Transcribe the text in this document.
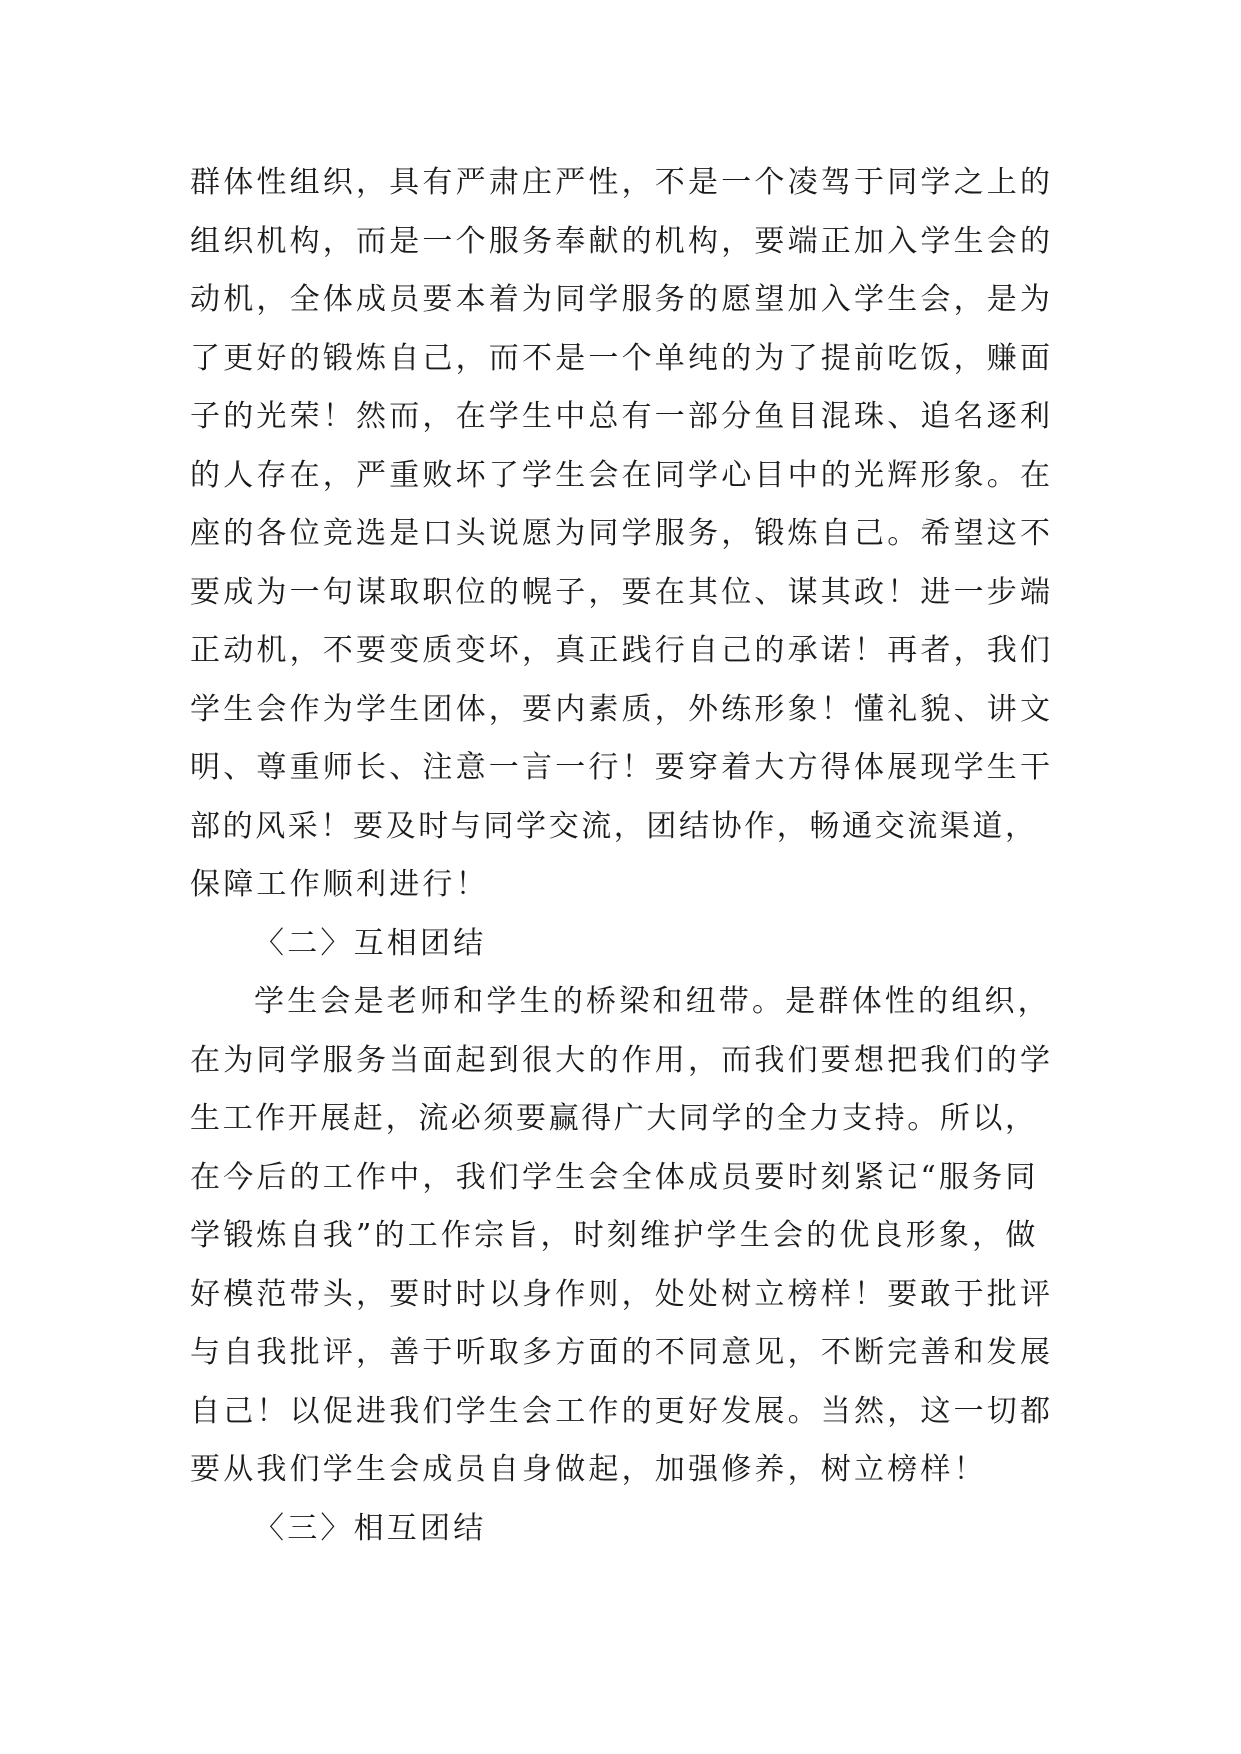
群体性组织，具有严肃庄严性，不是一个凌驾于同学之上的
组织机构，而是一个服务奉献的机构，要端正加入学生会的
动机，全体成员要本着为同学服务的愿望加入学生会，是为
了更好的锻炼自己，而不是一个单纯的为了提前吃饭，赚面
子的光荣！然而，在学生中总有一部分鱼目混珠、追名逐利
的人存在，严重败坏了学生会在同学心目中的光辉形象。在
座的各位竞选是口头说愿为同学服务，锻炼自己。希望这不
要成为一句谋取职位的幌子，要在其位、谋其政！进一步端
正动机，不要变质变坏，真正践行自己的承诺！再者，我们
学生会作为学生团体，要内素质，外练形象！懂礼貌、讲文
明、尊重师长、注意一言一行！要穿着大方得体展现学生干
部的风采！要及时与同学交流，团结协作，畅通交流渠道，
保障工作顺利进行！
〈二〉互相团结
学生会是老师和学生的桥梁和纽带。是群体性的组织，
在为同学服务当面起到很大的作用，而我们要想把我们的学
生工作开展赶，流必须要赢得广大同学的全力支持。所以，
在今后的工作中，我们学生会全体成员要时刻紧记“服务同
学锻炼自我”的工作宗旨，时刻维护学生会的优良形象，做
好模范带头，要时时以身作则，处处树立榜样！要敢于批评
与自我批评，善于听取多方面的不同意见，不断完善和发展
自己！以促进我们学生会工作的更好发展。当然，这一切都
要从我们学生会成员自身做起，加强修养，树立榜样！
〈三〉相互团结
